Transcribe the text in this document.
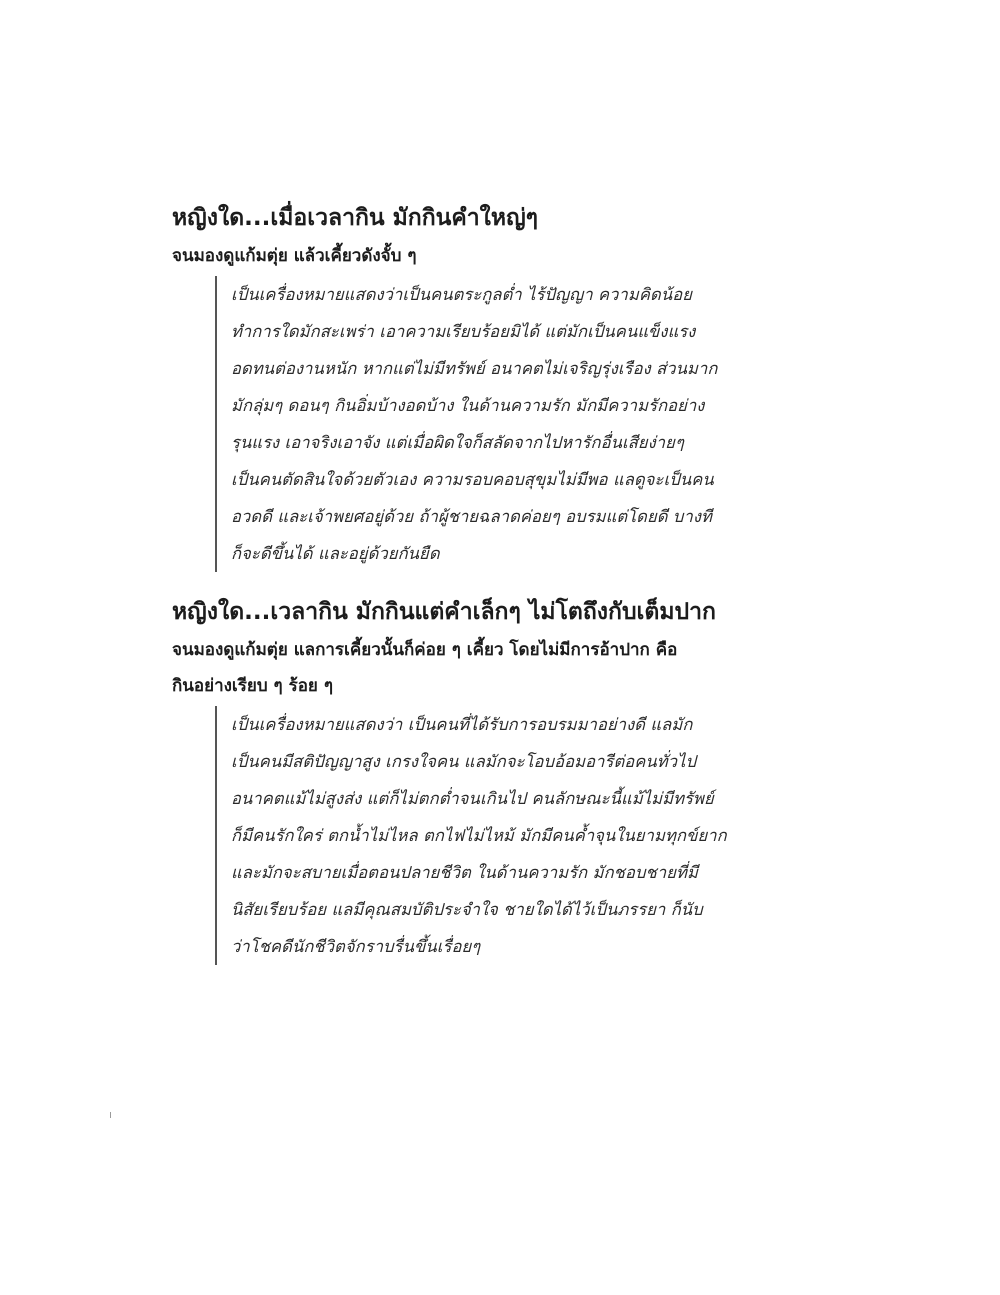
หญิงใด...เมื่อเวลากิน มักกินคำใหญ่ๆ
จนมองดูแก้มตุ่ย แล้วเคี้ยวดังจั้บ ๆ
เป็นเครื่องหมายแสดงว่าเป็นคนตระกูลต่ำ ไร้ปัญญา ความคิดน้อย
ทำการใดมักสะเพร่า เอาความเรียบร้อยมิได้ แต่มักเป็นคนแข็งแรง
อดทนต่องานหนัก หากแต่ไม่มีทรัพย์ อนาคตไม่เจริญรุ่งเรือง ส่วนมาก
มักลุ่มๆ ดอนๆ กินอิ่มบ้างอดบ้าง ในด้านความรัก มักมีความรักอย่าง
รุนแรง เอาจริงเอาจัง แต่เมื่อผิดใจก็สลัดจากไปหารักอื่นเสียง่ายๆ
เป็นคนตัดสินใจด้วยตัวเอง ความรอบคอบสุขุมไม่มีพอ แลดูจะเป็นคน
อวดดี และเจ้าพยศอยู่ด้วย ถ้าผู้ชายฉลาดค่อยๆ อบรมแต่โดยดี บางที
ก็จะดีขึ้นได้ และอยู่ด้วยกันยืด
หญิงใด...เวลากิน มักกินแต่คำเล็กๆ ไม่โตถึงกับเต็มปาก
จนมองดูแก้มตุ่ย แลการเคี้ยวนั้นก็ค่อย ๆ เคี้ยว โดยไม่มีการอ้าปาก คือ
กินอย่างเรียบ ๆ ร้อย ๆ
เป็นเครื่องหมายแสดงว่า เป็นคนที่ได้รับการอบรมมาอย่างดี แลมัก
เป็นคนมีสติปัญญาสูง เกรงใจคน แลมักจะโอบอ้อมอารีต่อคนทั่วไป
อนาคตแม้ไม่สูงส่ง แต่ก็ไม่ตกต่ำจนเกินไป คนลักษณะนี้แม้ไม่มีทรัพย์
ก็มีคนรักใคร่ ตกน้ำไม่ไหล ตกไฟไม่ไหม้ มักมีคนค้ำจุนในยามทุกข์ยาก
และมักจะสบายเมื่อตอนปลายชีวิต ในด้านความรัก มักชอบชายที่มี
นิสัยเรียบร้อย แลมีคุณสมบัติประจำใจ ชายใดได้ไว้เป็นภรรยา ก็นับ
ว่าโชคดีนักชีวิตจักราบรื่นขึ้นเรื่อยๆ
